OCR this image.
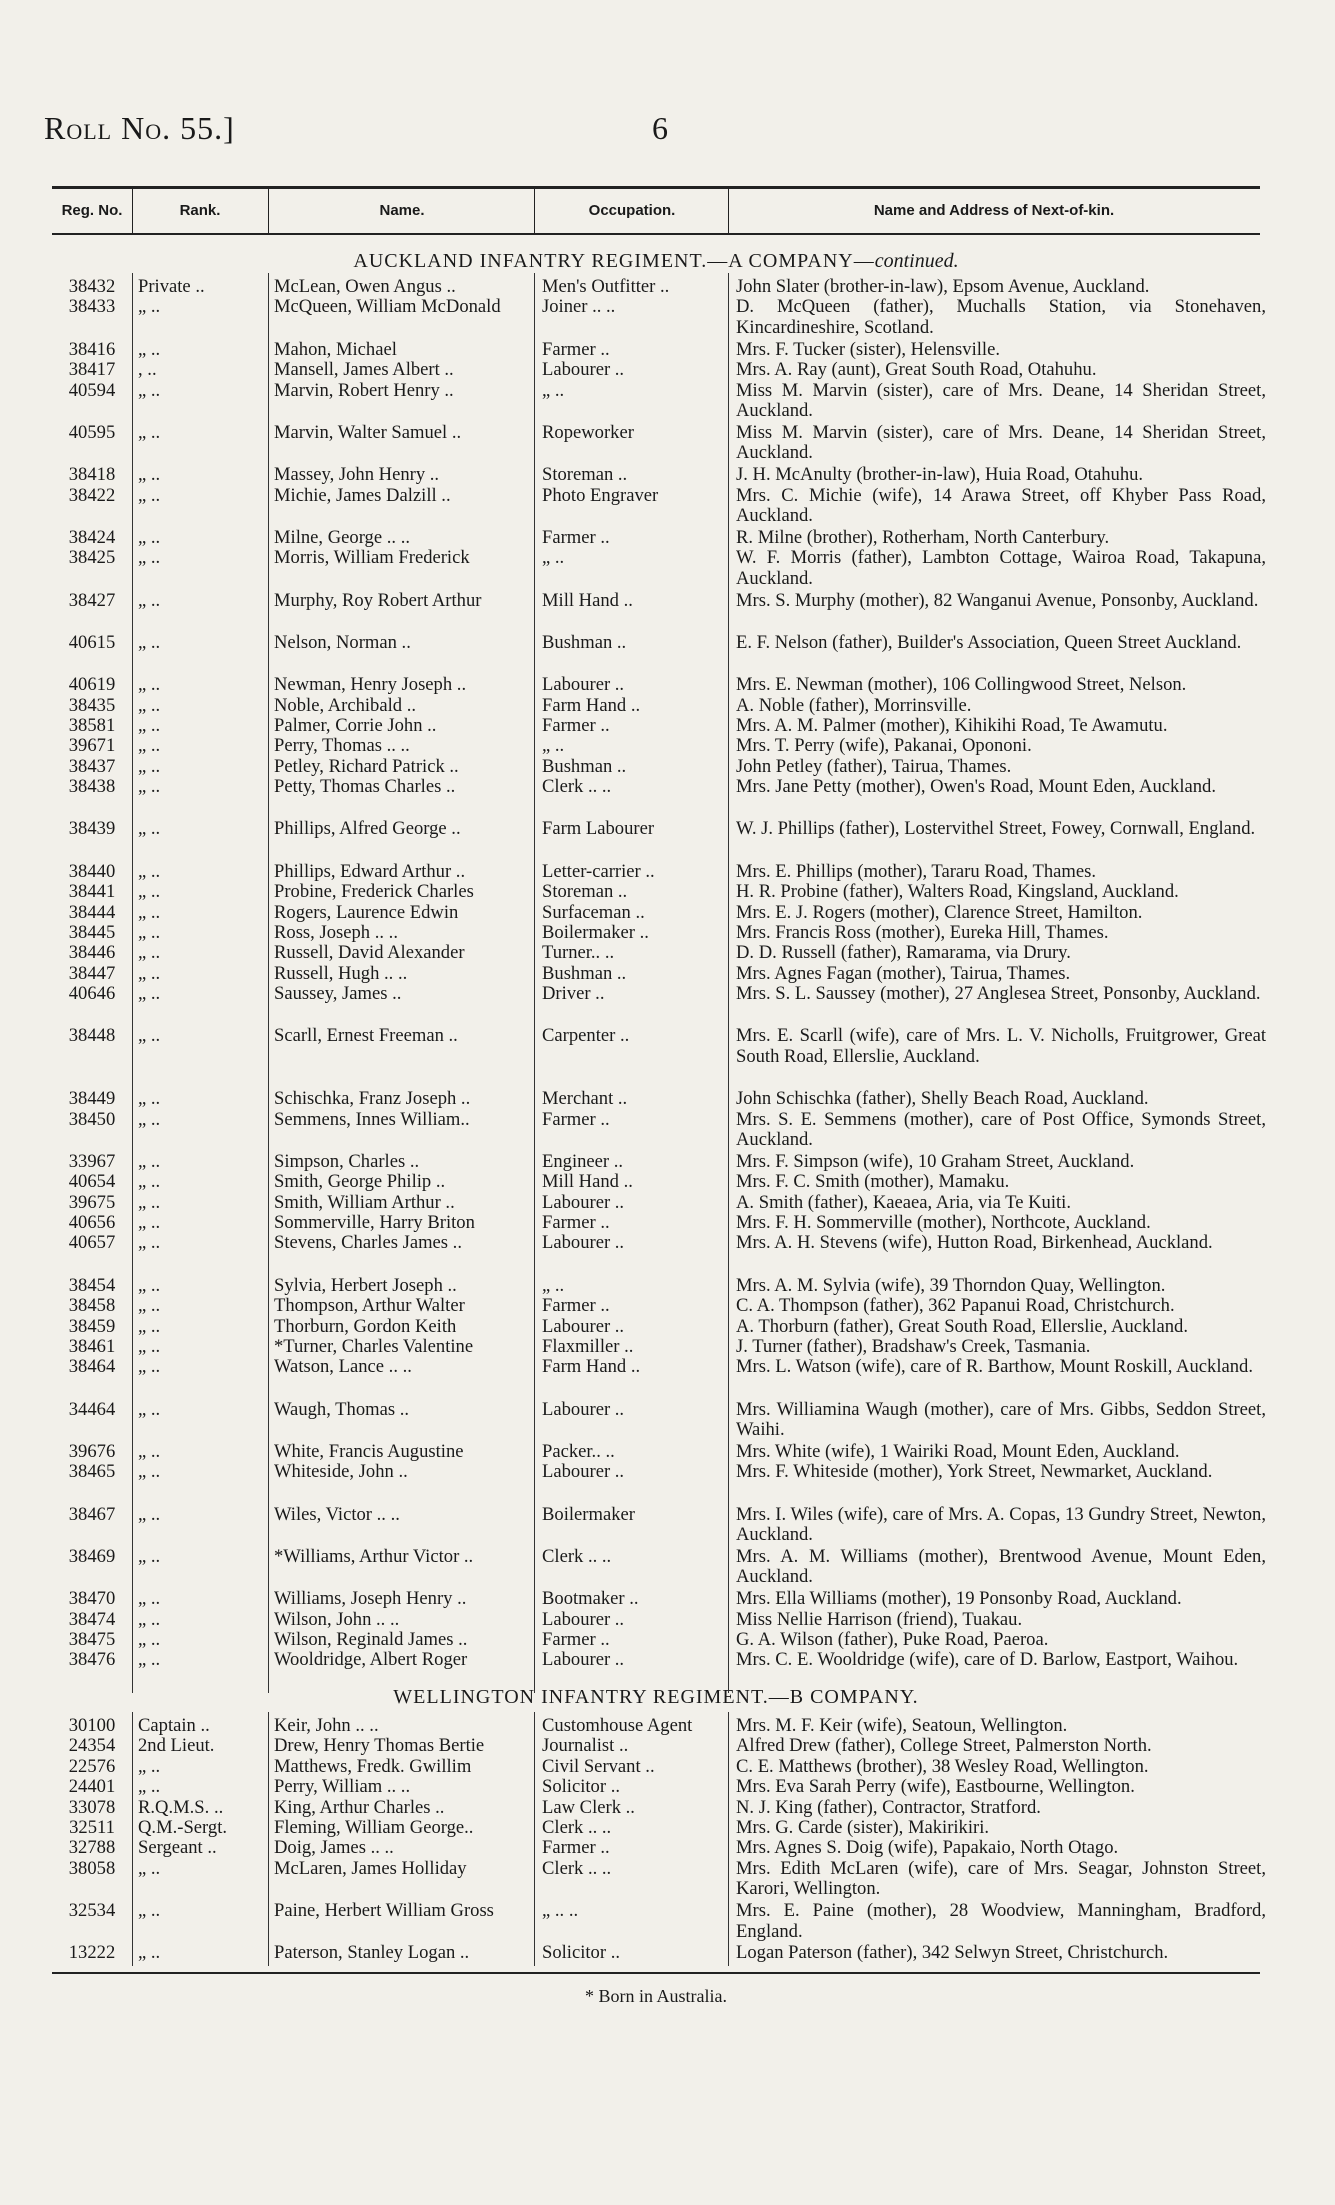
Roll No. 55.]	6
Reg. No.	Rank.	Name.	Occupation.	Name and Address of Next-of-kin.
AUCKLAND INFANTRY REGIMENT.—A COMPANY—continued.
38432	Private ..	McLean, Owen Angus ..	Men's Outfitter ..	John Slater (brother-in-law), Epsom Avenue, Auckland.
38433	„ ..	McQueen, William McDonald	Joiner .. ..	D. McQueen (father), Muchalls Station, via Stonehaven, Kincardineshire, Scotland.
38416	„ ..	Mahon, Michael	Farmer ..	Mrs. F. Tucker (sister), Helensville.
38417	, ..	Mansell, James Albert ..	Labourer ..	Mrs. A. Ray (aunt), Great South Road, Otahuhu.
40594	„ ..	Marvin, Robert Henry ..	„ ..	Miss M. Marvin (sister), care of Mrs. Deane, 14 Sheridan Street, Auckland.
40595	„ ..	Marvin, Walter Samuel ..	Ropeworker	Miss M. Marvin (sister), care of Mrs. Deane, 14 Sheridan Street, Auckland.
38418	„ ..	Massey, John Henry ..	Storeman ..	J. H. McAnulty (brother-in-law), Huia Road, Otahuhu.
38422	„ ..	Michie, James Dalzill ..	Photo Engraver	Mrs. C. Michie (wife), 14 Arawa Street, off Khyber Pass Road, Auckland.
38424	„ ..	Milne, George .. ..	Farmer ..	R. Milne (brother), Rotherham, North Canterbury.
38425	„ ..	Morris, William Frederick	„ ..	W. F. Morris (father), Lambton Cottage, Wairoa Road, Takapuna, Auckland.
38427	„ ..	Murphy, Roy Robert Arthur	Mill Hand ..	Mrs. S. Murphy (mother), 82 Wanganui Avenue, Ponsonby, Auckland.
40615	„ ..	Nelson, Norman ..	Bushman ..	E. F. Nelson (father), Builder's Association, Queen Street Auckland.
40619	„ ..	Newman, Henry Joseph ..	Labourer ..	Mrs. E. Newman (mother), 106 Collingwood Street, Nelson.
38435	„ ..	Noble, Archibald ..	Farm Hand ..	A. Noble (father), Morrinsville.
38581	„ ..	Palmer, Corrie John ..	Farmer ..	Mrs. A. M. Palmer (mother), Kihikihi Road, Te Awamutu.
39671	„ ..	Perry, Thomas .. ..	„ ..	Mrs. T. Perry (wife), Pakanai, Opononi.
38437	„ ..	Petley, Richard Patrick ..	Bushman ..	John Petley (father), Tairua, Thames.
38438	„ ..	Petty, Thomas Charles ..	Clerk .. ..	Mrs. Jane Petty (mother), Owen's Road, Mount Eden, Auckland.
38439	„ ..	Phillips, Alfred George ..	Farm Labourer	W. J. Phillips (father), Lostervithel Street, Fowey, Cornwall, England.
38440	„ ..	Phillips, Edward Arthur ..	Letter-carrier ..	Mrs. E. Phillips (mother), Tararu Road, Thames.
38441	„ ..	Probine, Frederick Charles	Storeman ..	H. R. Probine (father), Walters Road, Kingsland, Auckland.
38444	„ ..	Rogers, Laurence Edwin	Surfaceman ..	Mrs. E. J. Rogers (mother), Clarence Street, Hamilton.
38445	„ ..	Ross, Joseph .. ..	Boilermaker ..	Mrs. Francis Ross (mother), Eureka Hill, Thames.
38446	„ ..	Russell, David Alexander	Turner.. ..	D. D. Russell (father), Ramarama, via Drury.
38447	„ ..	Russell, Hugh .. ..	Bushman ..	Mrs. Agnes Fagan (mother), Tairua, Thames.
40646	„ ..	Saussey, James ..	Driver ..	Mrs. S. L. Saussey (mother), 27 Anglesea Street, Ponsonby, Auckland.
38448	„ ..	Scarll, Ernest Freeman ..	Carpenter ..	Mrs. E. Scarll (wife), care of Mrs. L. V. Nicholls, Fruitgrower, Great South Road, Ellerslie, Auckland.
38449	„ ..	Schischka, Franz Joseph ..	Merchant ..	John Schischka (father), Shelly Beach Road, Auckland.
38450	„ ..	Semmens, Innes William..	Farmer ..	Mrs. S. E. Semmens (mother), care of Post Office, Symonds Street, Auckland.
33967	„ ..	Simpson, Charles ..	Engineer ..	Mrs. F. Simpson (wife), 10 Graham Street, Auckland.
40654	„ ..	Smith, George Philip ..	Mill Hand ..	Mrs. F. C. Smith (mother), Mamaku.
39675	„ ..	Smith, William Arthur ..	Labourer ..	A. Smith (father), Kaeaea, Aria, via Te Kuiti.
40656	„ ..	Sommerville, Harry Briton	Farmer ..	Mrs. F. H. Sommerville (mother), Northcote, Auckland.
40657	„ ..	Stevens, Charles James ..	Labourer ..	Mrs. A. H. Stevens (wife), Hutton Road, Birkenhead, Auckland.
38454	„ ..	Sylvia, Herbert Joseph ..	„ ..	Mrs. A. M. Sylvia (wife), 39 Thorndon Quay, Wellington.
38458	„ ..	Thompson, Arthur Walter	Farmer ..	C. A. Thompson (father), 362 Papanui Road, Christchurch.
38459	„ ..	Thorburn, Gordon Keith	Labourer ..	A. Thorburn (father), Great South Road, Ellerslie, Auckland.
38461	„ ..	*Turner, Charles Valentine	Flaxmiller ..	J. Turner (father), Bradshaw's Creek, Tasmania.
38464	„ ..	Watson, Lance .. ..	Farm Hand ..	Mrs. L. Watson (wife), care of R. Barthow, Mount Roskill, Auckland.
34464	„ ..	Waugh, Thomas ..	Labourer ..	Mrs. Williamina Waugh (mother), care of Mrs. Gibbs, Seddon Street, Waihi.
39676	„ ..	White, Francis Augustine	Packer.. ..	Mrs. White (wife), 1 Wairiki Road, Mount Eden, Auckland.
38465	„ ..	Whiteside, John ..	Labourer ..	Mrs. F. Whiteside (mother), York Street, Newmarket, Auckland.
38467	„ ..	Wiles, Victor .. ..	Boilermaker	Mrs. I. Wiles (wife), care of Mrs. A. Copas, 13 Gundry Street, Newton, Auckland.
38469	„ ..	*Williams, Arthur Victor ..	Clerk .. ..	Mrs. A. M. Williams (mother), Brentwood Avenue, Mount Eden, Auckland.
38470	„ ..	Williams, Joseph Henry ..	Bootmaker ..	Mrs. Ella Williams (mother), 19 Ponsonby Road, Auckland.
38474	„ ..	Wilson, John .. ..	Labourer ..	Miss Nellie Harrison (friend), Tuakau.
38475	„ ..	Wilson, Reginald James ..	Farmer ..	G. A. Wilson (father), Puke Road, Paeroa.
38476	„ ..	Wooldridge, Albert Roger	Labourer ..	Mrs. C. E. Wooldridge (wife), care of D. Barlow, Eastport, Waihou.
WELLINGTON INFANTRY REGIMENT.—B COMPANY.
30100	Captain ..	Keir, John .. ..	Customhouse Agent	Mrs. M. F. Keir (wife), Seatoun, Wellington.
24354	2nd Lieut.	Drew, Henry Thomas Bertie	Journalist ..	Alfred Drew (father), College Street, Palmerston North.
22576	„ ..	Matthews, Fredk. Gwillim	Civil Servant ..	C. E. Matthews (brother), 38 Wesley Road, Wellington.
24401	„ ..	Perry, William .. ..	Solicitor ..	Mrs. Eva Sarah Perry (wife), Eastbourne, Wellington.
33078	R.Q.M.S. ..	King, Arthur Charles ..	Law Clerk ..	N. J. King (father), Contractor, Stratford.
32511	Q.M.-Sergt.	Fleming, William George..	Clerk .. ..	Mrs. G. Carde (sister), Makirikiri.
32788	Sergeant ..	Doig, James .. ..	Farmer ..	Mrs. Agnes S. Doig (wife), Papakaio, North Otago.
38058	„ ..	McLaren, James Holliday	Clerk .. ..	Mrs. Edith McLaren (wife), care of Mrs. Seagar, Johnston Street, Karori, Wellington.
32534	„ ..	Paine, Herbert William Gross	„ .. ..	Mrs. E. Paine (mother), 28 Woodview, Manningham, Bradford, England.
13222	„ ..	Paterson, Stanley Logan ..	Solicitor ..	Logan Paterson (father), 342 Selwyn Street, Christchurch.
* Born in Australia.
